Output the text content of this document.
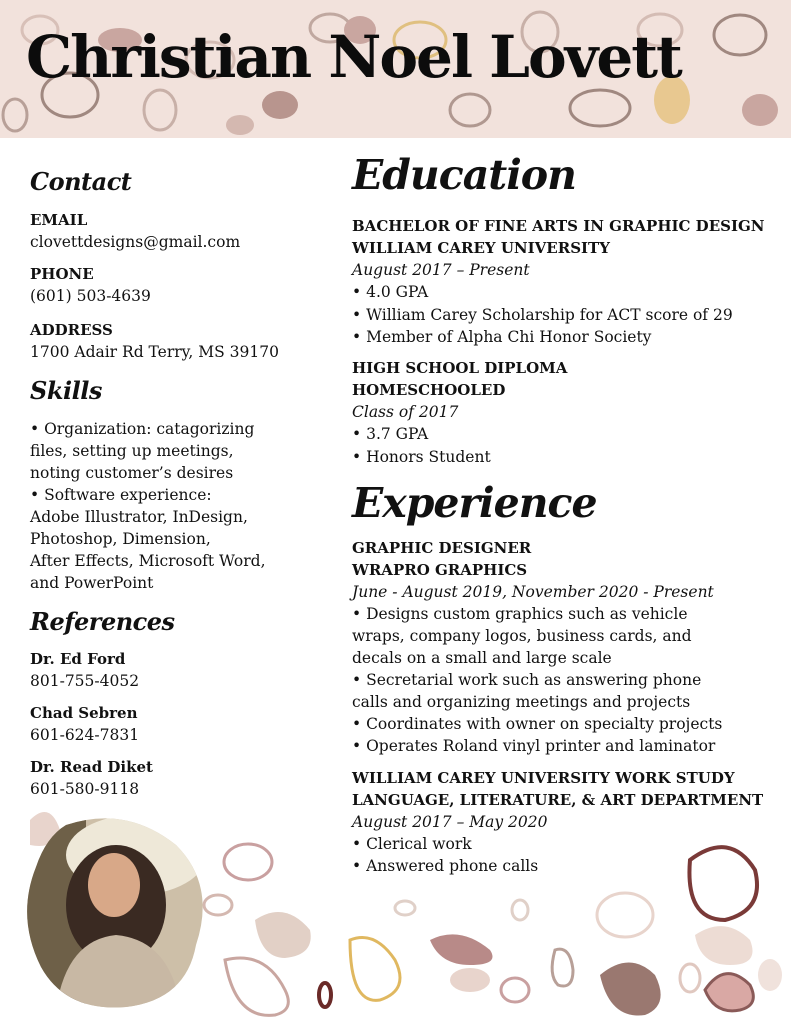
Christian Noel Lovett
Contact
EMAIL
clovettdesigns@gmail.com
PHONE
(601) 503-4639
ADDRESS
1700 Adair Rd Terry, MS 39170
Skills
• Organization: catagorizing
files, setting up meetings,
noting customer’s desires
• Software experience:
Adobe Illustrator, InDesign,
Photoshop, Dimension,
After Effects, Microsoft Word,
and PowerPoint
References
Dr. Ed Ford
801-755-4052
Chad Sebren
601-624-7831
Dr. Read Diket
601-580-9118
Education
BACHELOR OF FINE ARTS IN GRAPHIC DESIGN
WILLIAM CAREY UNIVERSITY
August 2017 – Present
• 4.0 GPA
• William Carey Scholarship for ACT score of 29
• Member of Alpha Chi Honor Society
HIGH SCHOOL DIPLOMA
HOMESCHOOLED
Class of 2017
• 3.7 GPA
• Honors Student
Experience
GRAPHIC DESIGNER
WRAPRO GRAPHICS
June - August 2019, November 2020 - Present
• Designs custom graphics such as vehicle
wraps, company logos, business cards, and
decals on a small and large scale
• Secretarial work such as answering phone
calls and organizing meetings and projects
• Coordinates with owner on specialty projects
• Operates Roland vinyl printer and laminator
WILLIAM CAREY UNIVERSITY WORK STUDY
LANGUAGE, LITERATURE, & ART DEPARTMENT
August 2017 – May 2020
• Clerical work
• Answered phone calls
